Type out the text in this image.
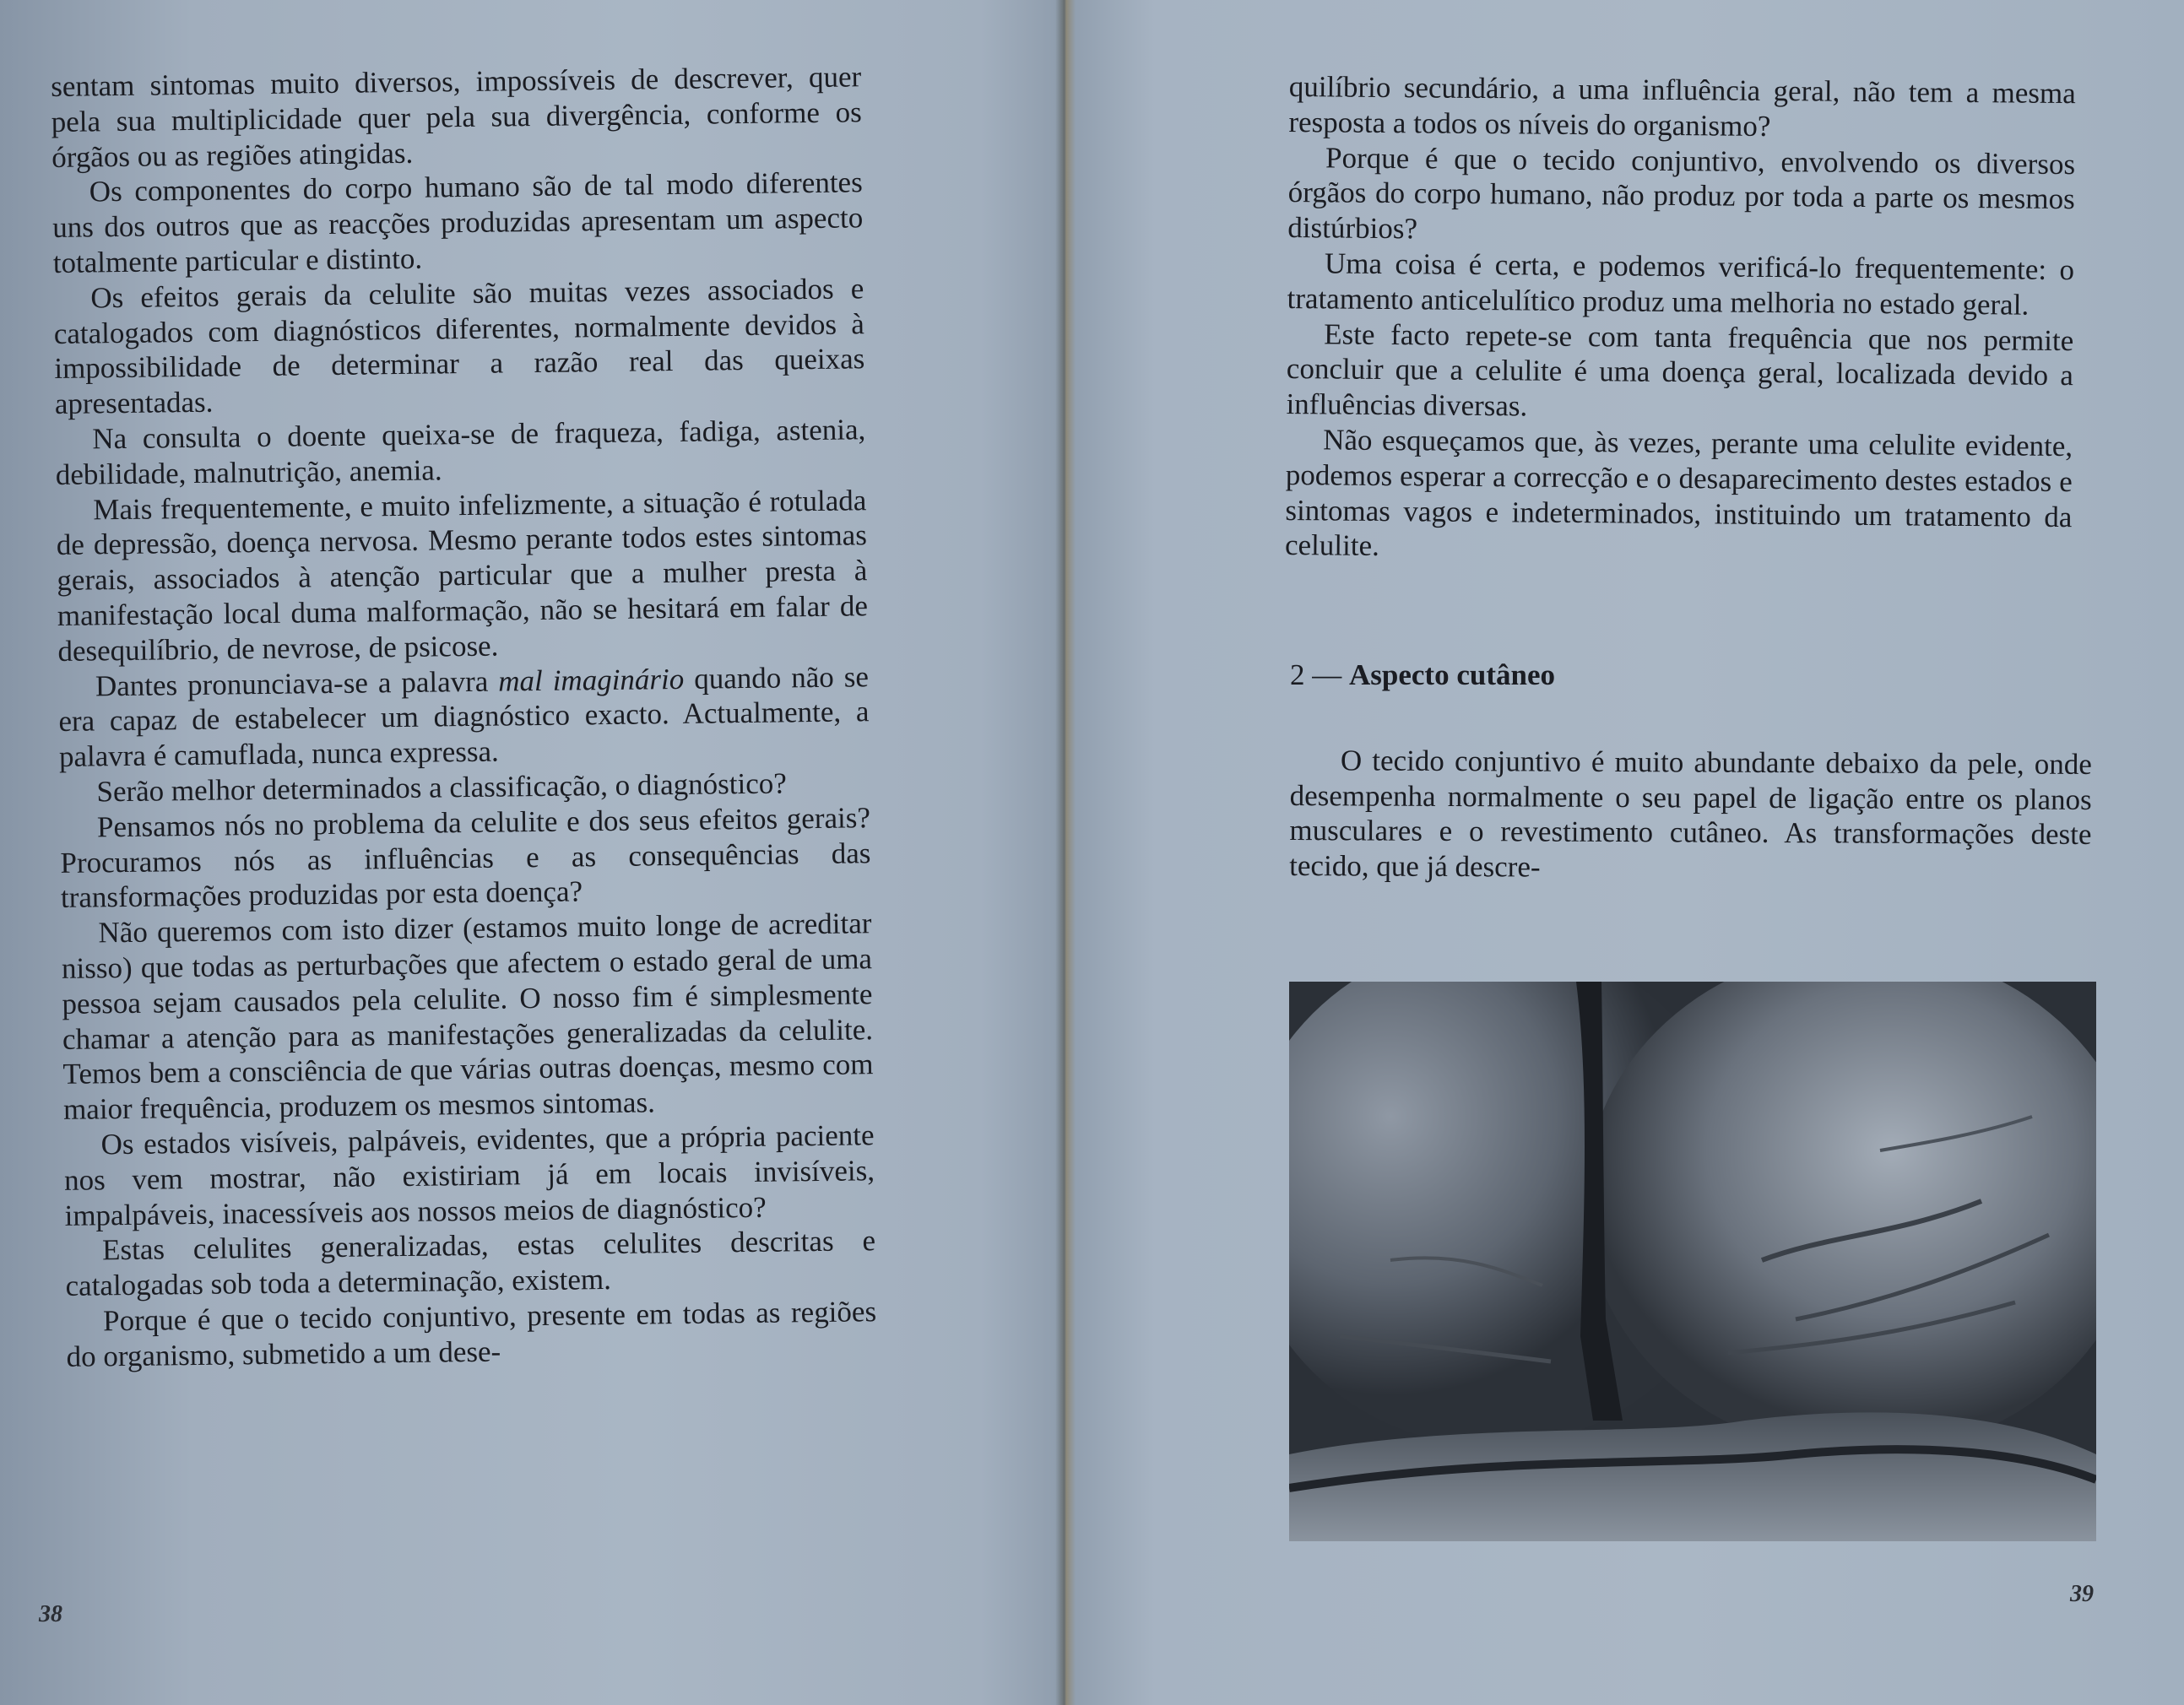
sentam sintomas muito diversos, impossíveis de descrever, quer pela sua multiplicidade quer pela sua divergência, conforme os órgãos ou as regiões atingidas.

Os componentes do corpo humano são de tal modo diferentes uns dos outros que as reacções produzidas apresentam um aspecto totalmente particular e distinto.

Os efeitos gerais da celulite são muitas vezes associados e catalogados com diagnósticos diferentes, normalmente devidos à impossibilidade de determinar a razão real das queixas apresentadas.

Na consulta o doente queixa-se de fraqueza, fadiga, astenia, debilidade, malnutrição, anemia.

Mais frequentemente, e muito infelizmente, a situação é rotulada de depressão, doença nervosa. Mesmo perante todos estes sintomas gerais, associados à atenção particular que a mulher presta à manifestação local duma malformação, não se hesitará em falar de desequilíbrio, de nevrose, de psicose.

Dantes pronunciava-se a palavra mal imaginário quando não se era capaz de estabelecer um diagnóstico exacto. Actualmente, a palavra é camuflada, nunca expressa.

Serão melhor determinados a classificação, o diagnóstico?

Pensamos nós no problema da celulite e dos seus efeitos gerais? Procuramos nós as influências e as consequências das transformações produzidas por esta doença?

Não queremos com isto dizer (estamos muito longe de acreditar nisso) que todas as perturbações que afectem o estado geral de uma pessoa sejam causados pela celulite. O nosso fim é simplesmente chamar a atenção para as manifestações generalizadas da celulite. Temos bem a consciência de que várias outras doenças, mesmo com maior frequência, produzem os mesmos sintomas.

Os estados visíveis, palpáveis, evidentes, que a própria paciente nos vem mostrar, não existiriam já em locais invisíveis, impalpáveis, inacessíveis aos nossos meios de diagnóstico?

Estas celulites generalizadas, estas celulites descritas e catalogadas sob toda a determinação, existem.

Porque é que o tecido conjuntivo, presente em todas as regiões do organismo, submetido a um dese-

38

quilíbrio secundário, a uma influência geral, não tem a mesma resposta a todos os níveis do organismo?

Porque é que o tecido conjuntivo, envolvendo os diversos órgãos do corpo humano, não produz por toda a parte os mesmos distúrbios?

Uma coisa é certa, e podemos verificá-lo frequentemente: o tratamento anticelulítico produz uma melhoria no estado geral.

Este facto repete-se com tanta frequência que nos permite concluir que a celulite é uma doença geral, localizada devido a influências diversas.

Não esqueçamos que, às vezes, perante uma celulite evidente, podemos esperar a correcção e o desaparecimento destes estados e sintomas vagos e indeterminados, instituindo um tratamento da celulite.

2 — Aspecto cutâneo

O tecido conjuntivo é muito abundante debaixo da pele, onde desempenha normalmente o seu papel de ligação entre os planos musculares e o revestimento cutâneo. As transformações deste tecido, que já descre-

39
